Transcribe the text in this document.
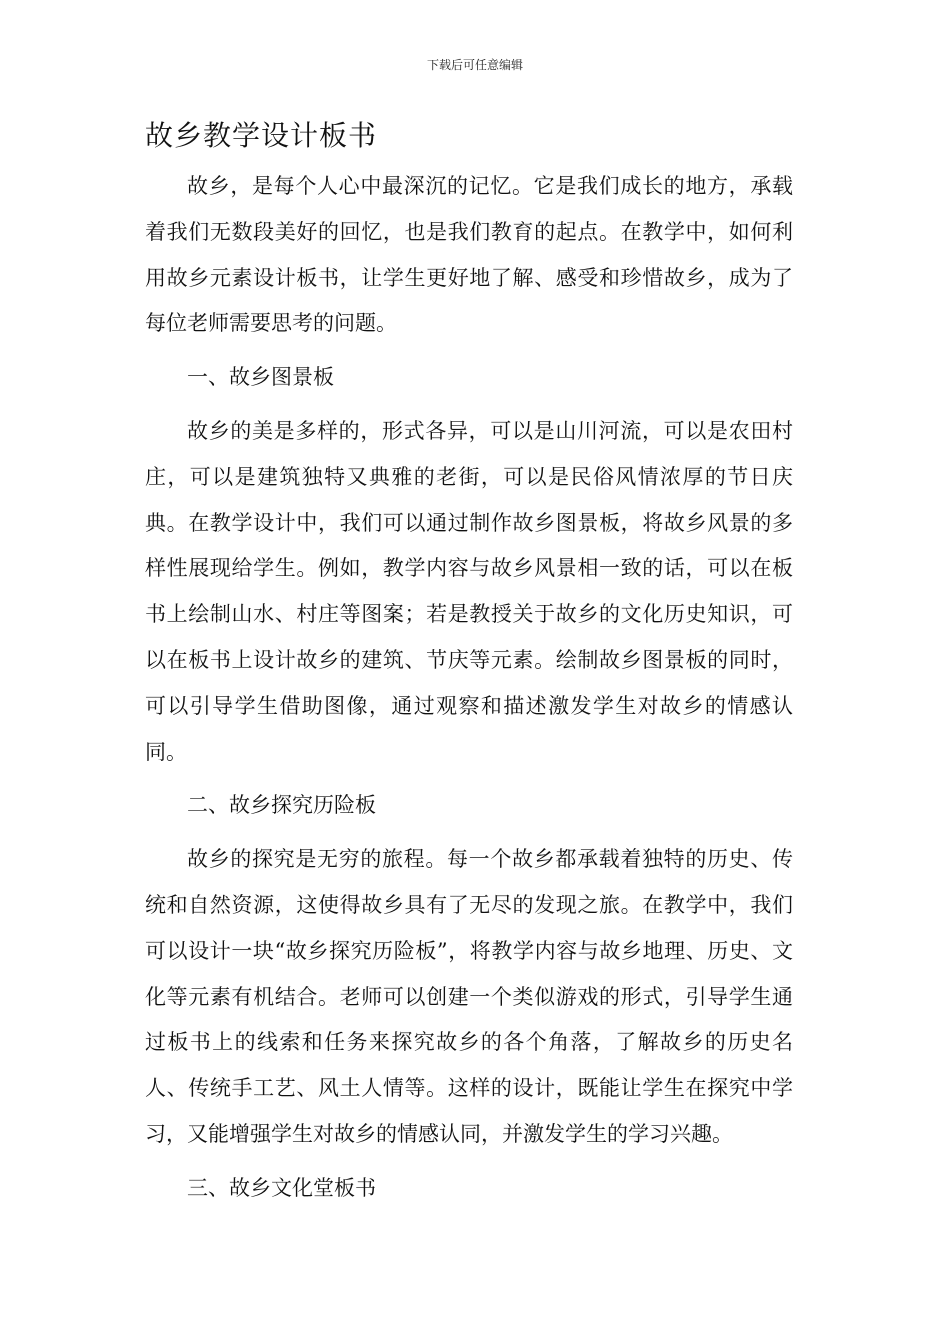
下载后可任意编辑
故乡教学设计板书

故乡，是每个人心中最深沉的记忆。它是我们成长的地方，承载着我们无数段美好的回忆，也是我们教育的起点。在教学中，如何利用故乡元素设计板书，让学生更好地了解、感受和珍惜故乡，成为了每位老师需要思考的问题。

一、故乡图景板

故乡的美是多样的，形式各异，可以是山川河流，可以是农田村庄，可以是建筑独特又典雅的老街，可以是民俗风情浓厚的节日庆典。在教学设计中，我们可以通过制作故乡图景板，将故乡风景的多样性展现给学生。例如，教学内容与故乡风景相一致的话，可以在板书上绘制山水、村庄等图案；若是教授关于故乡的文化历史知识，可以在板书上设计故乡的建筑、节庆等元素。绘制故乡图景板的同时，可以引导学生借助图像，通过观察和描述激发学生对故乡的情感认同。

二、故乡探究历险板

故乡的探究是无穷的旅程。每一个故乡都承载着独特的历史、传统和自然资源，这使得故乡具有了无尽的发现之旅。在教学中，我们可以设计一块“故乡探究历险板”，将教学内容与故乡地理、历史、文化等元素有机结合。老师可以创建一个类似游戏的形式，引导学生通过板书上的线索和任务来探究故乡的各个角落，了解故乡的历史名人、传统手工艺、风土人情等。这样的设计，既能让学生在探究中学习，又能增强学生对故乡的情感认同，并激发学生的学习兴趣。

三、故乡文化堂板书
